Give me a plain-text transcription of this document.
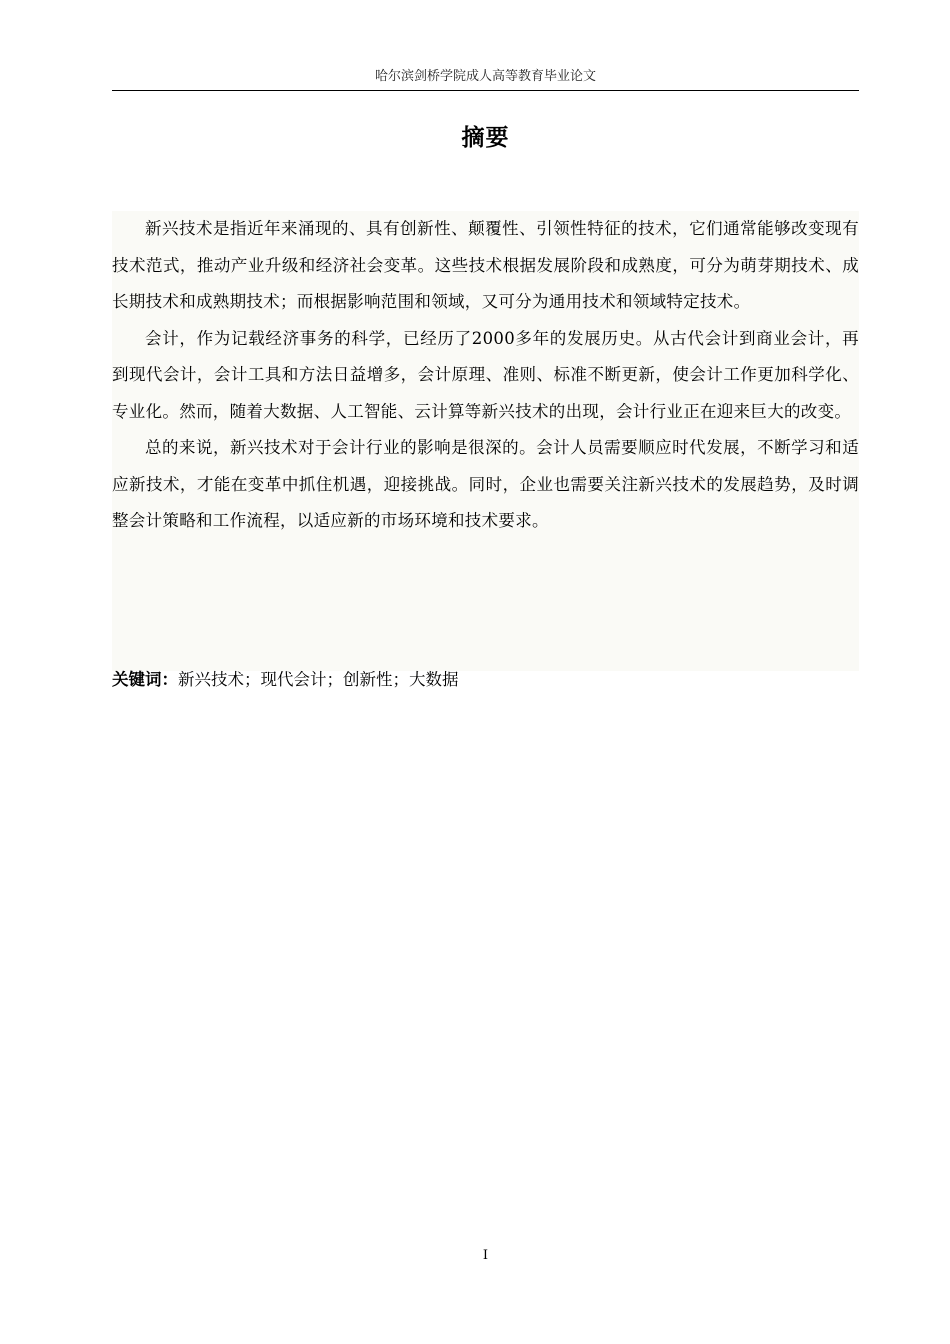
哈尔滨剑桥学院成人高等教育毕业论文
摘要

新兴技术是指近年来涌现的、具有创新性、颠覆性、引领性特征的技术，它们通常能够改变现有技术范式，推动产业升级和经济社会变革。这些技术根据发展阶段和成熟度，可分为萌芽期技术、成长期技术和成熟期技术；而根据影响范围和领域，又可分为通用技术和领域特定技术。

会计，作为记载经济事务的科学，已经历了2000多年的发展历史。从古代会计到商业会计，再到现代会计，会计工具和方法日益增多，会计原理、准则、标准不断更新，使会计工作更加科学化、专业化。然而，随着大数据、人工智能、云计算等新兴技术的出现，会计行业正在迎来巨大的改变。

总的来说，新兴技术对于会计行业的影响是很深的。会计人员需要顺应时代发展，不断学习和适应新技术，才能在变革中抓住机遇，迎接挑战。同时，企业也需要关注新兴技术的发展趋势，及时调整会计策略和工作流程，以适应新的市场环境和技术要求。

关键词：新兴技术；现代会计；创新性；大数据
I
